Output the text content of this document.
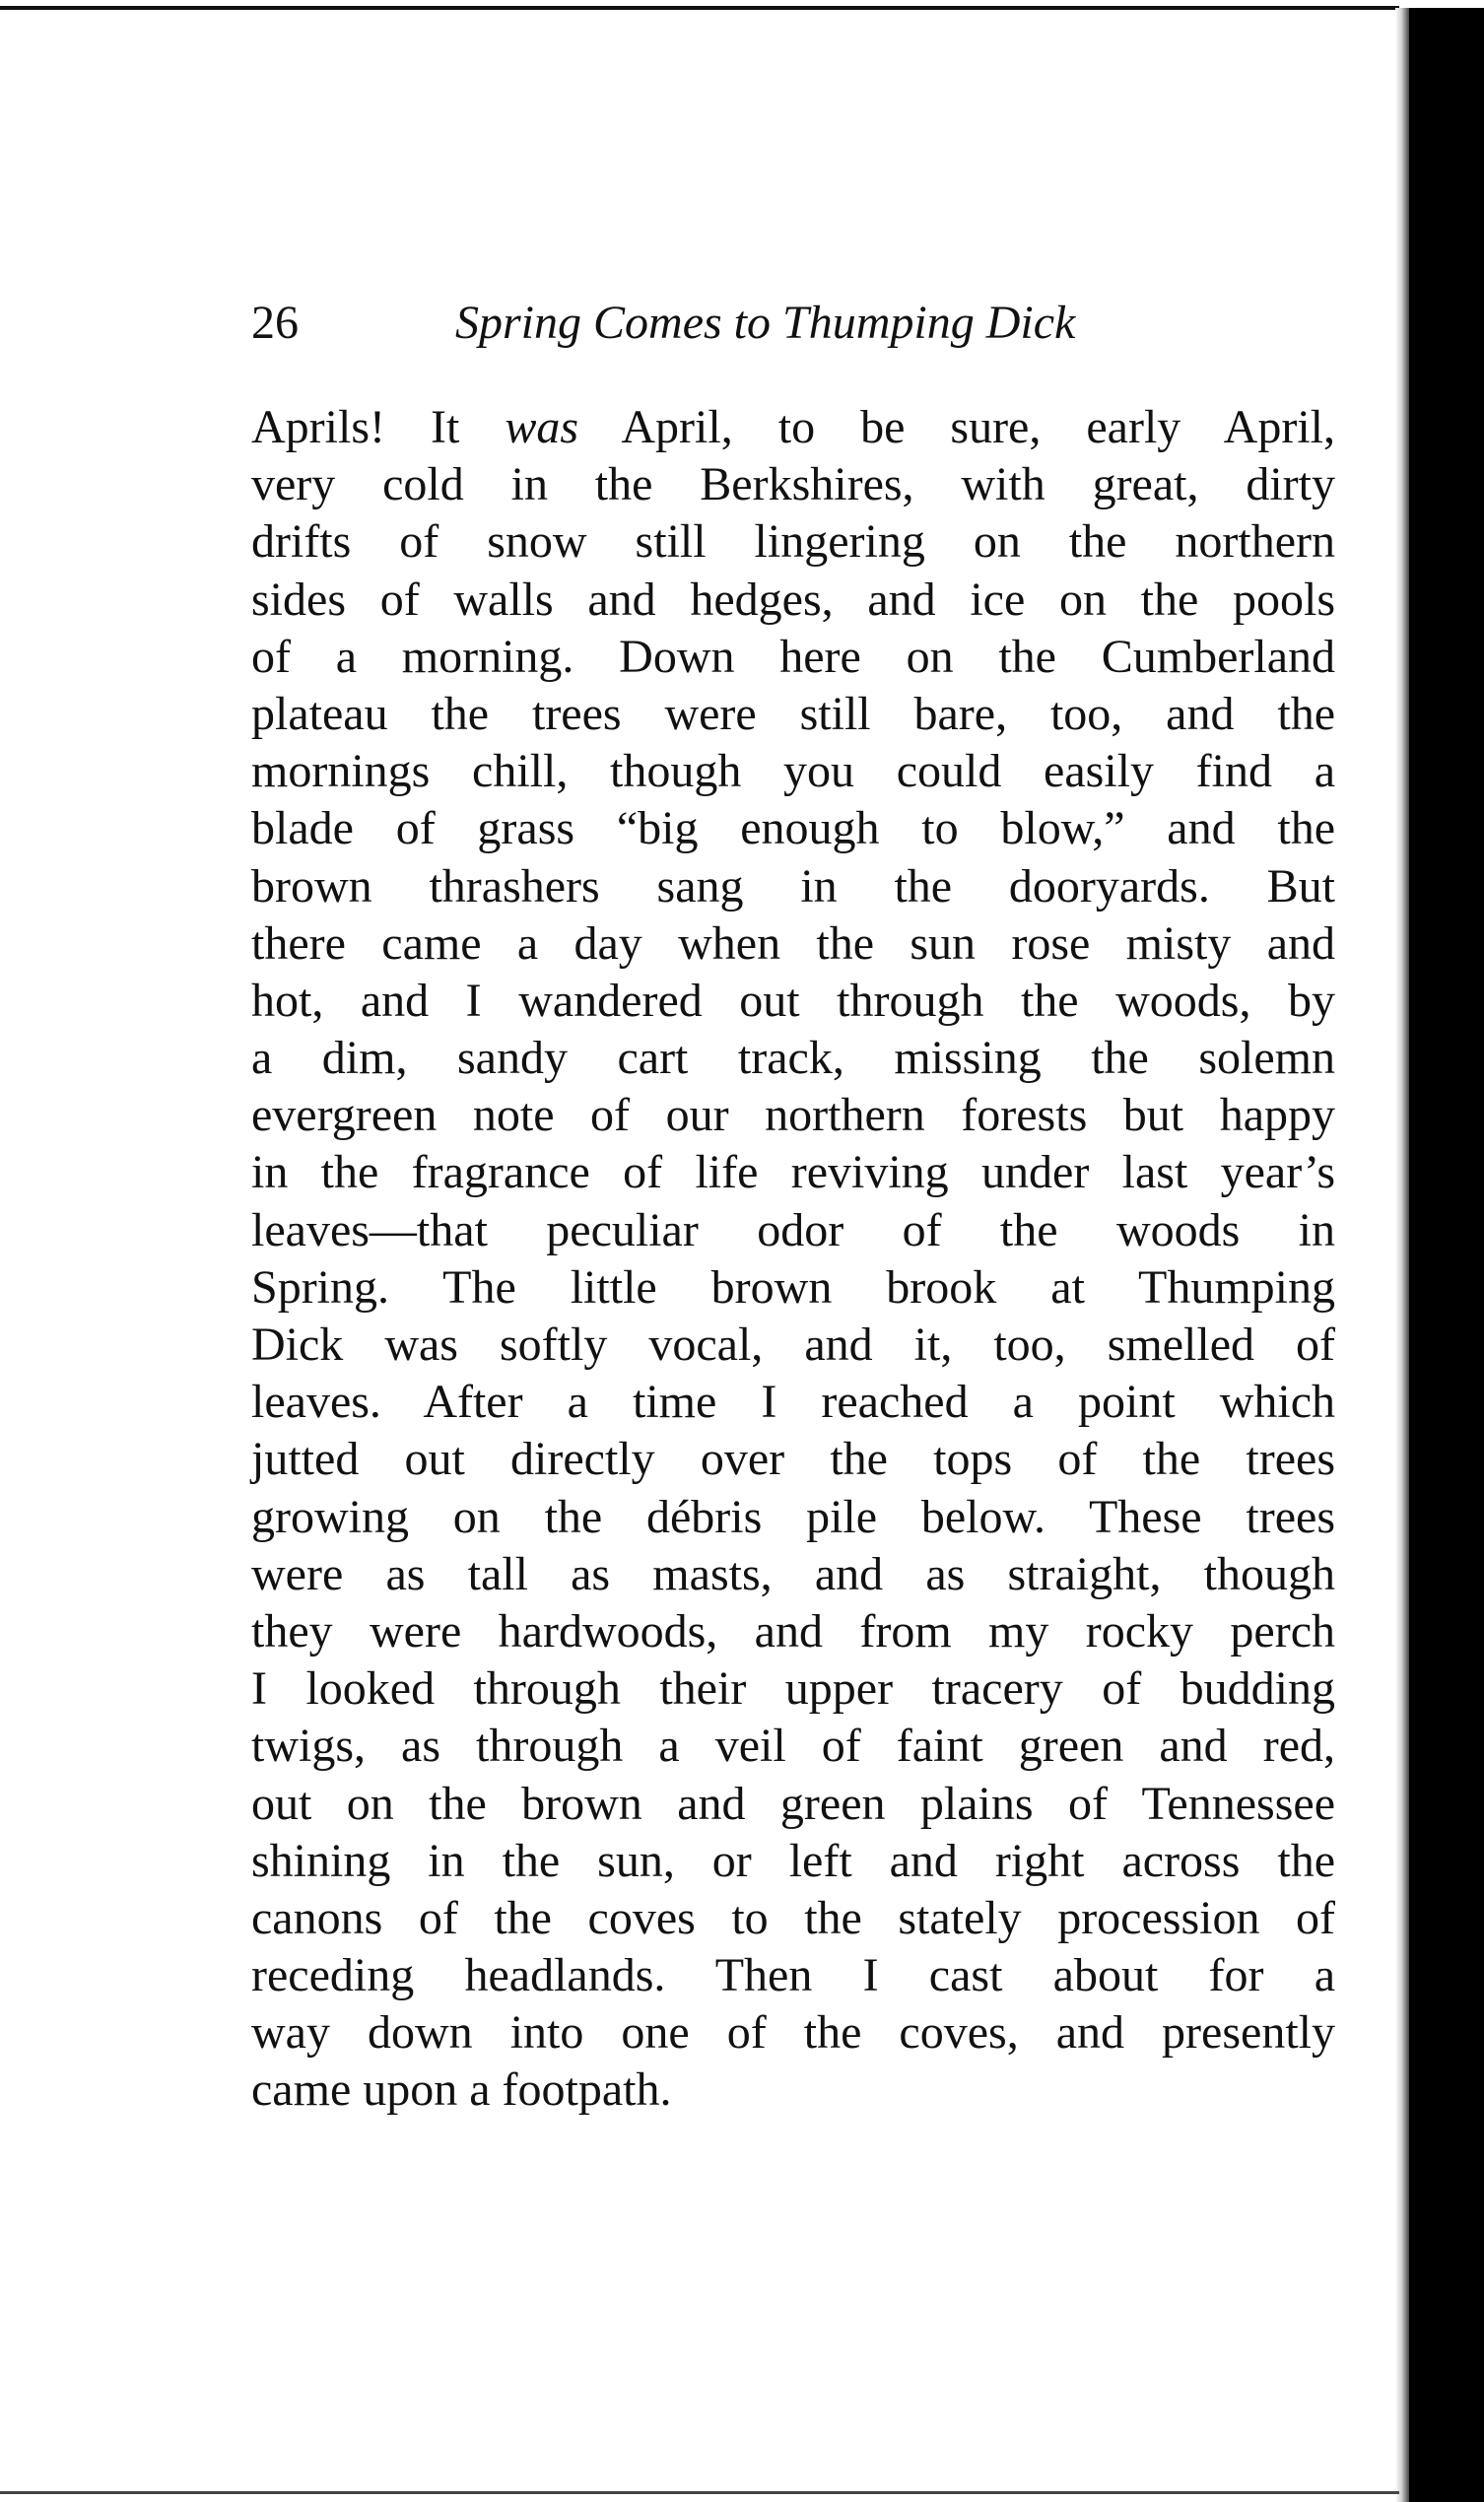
26	Spring Comes to Thumping Dick
Aprils! It was April, to be sure, early April,
very cold in the Berkshires, with great, dirty
drifts of snow still lingering on the northern
sides of walls and hedges, and ice on the pools
of a morning. Down here on the Cumberland
plateau the trees were still bare, too, and the
mornings chill, though you could easily find a
blade of grass “big enough to blow,” and the
brown thrashers sang in the dooryards. But
there came a day when the sun rose misty and
hot, and I wandered out through the woods, by
a dim, sandy cart track, missing the solemn
evergreen note of our northern forests but happy
in the fragrance of life reviving under last year’s
leaves—that peculiar odor of the woods in
Spring. The little brown brook at Thumping
Dick was softly vocal, and it, too, smelled of
leaves. After a time I reached a point which
jutted out directly over the tops of the trees
growing on the débris pile below. These trees
were as tall as masts, and as straight, though
they were hardwoods, and from my rocky perch
I looked through their upper tracery of budding
twigs, as through a veil of faint green and red,
out on the brown and green plains of Tennessee
shining in the sun, or left and right across the
canons of the coves to the stately procession of
receding headlands. Then I cast about for a
way down into one of the coves, and presently
came upon a footpath.
